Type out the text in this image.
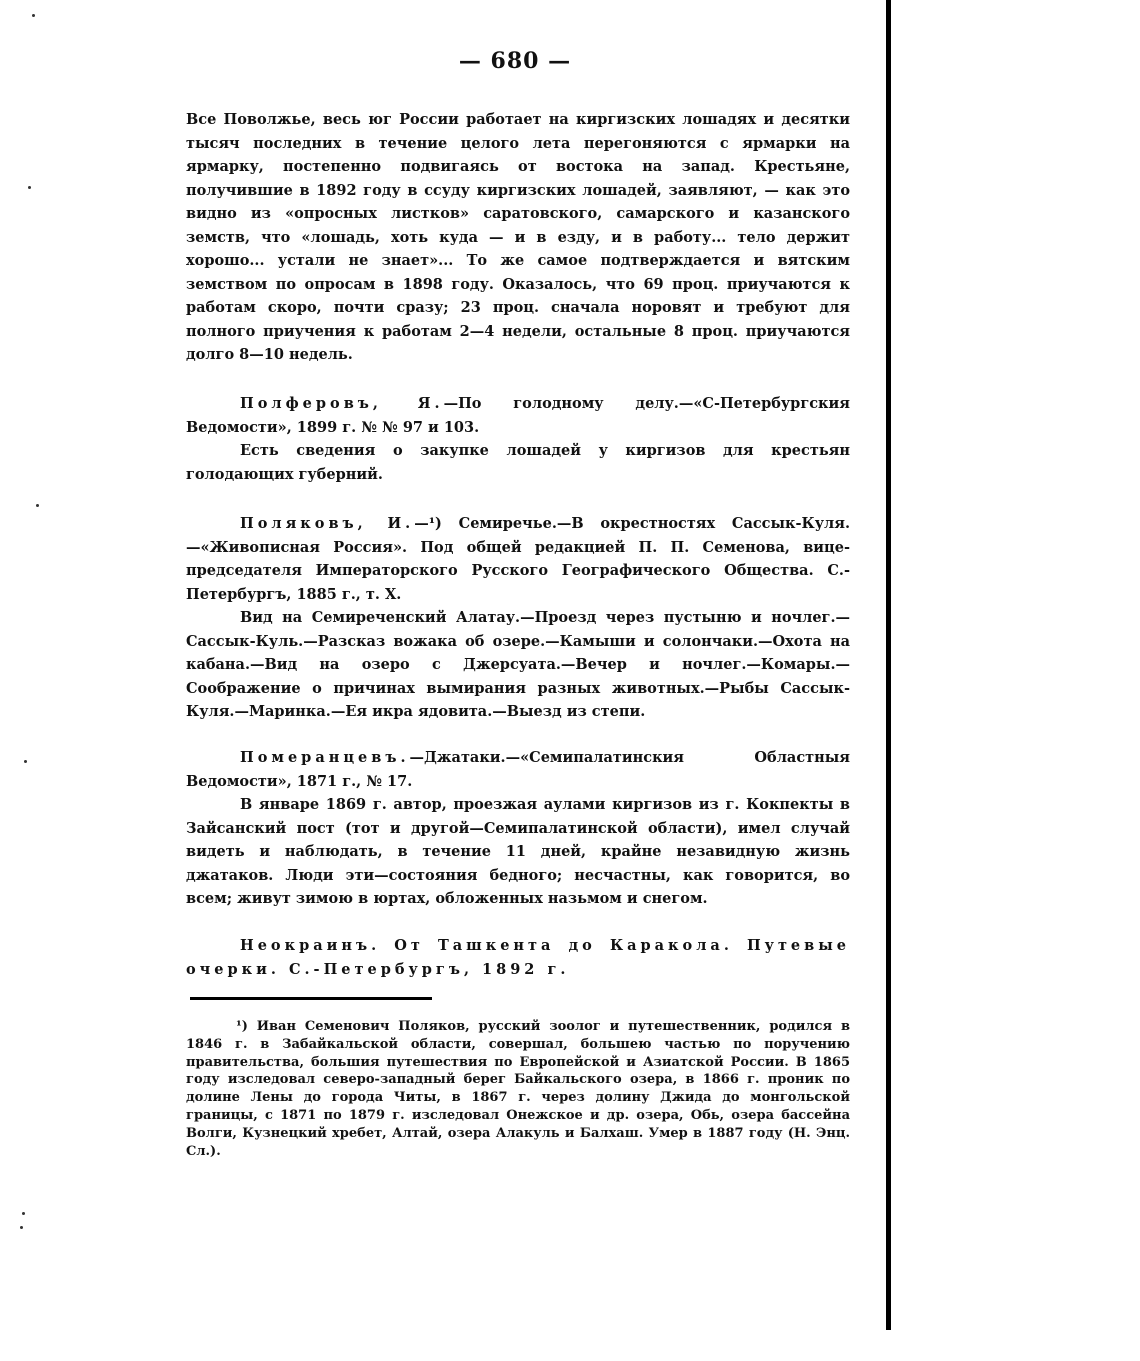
— 680 —

Все Поволжье, весь юг России работает на киргизских лошадях и десятки тысяч последних в течение целого лета перегоняются с ярмарки на ярмарку, постепенно подвигаясь от востока на запад. Крестьяне, получившие в 1892 году в ссуду киргизских лошадей, заявляют, — как это видно из «опросных листков» саратовского, самарского и казанского земств, что «лошадь, хоть куда — и в езду, и в работу... тело держит хорошо... устали не знает»... То же самое подтверждается и вятским земством по опросам в 1898 году. Оказалось, что 69 проц. приучаются к работам скоро, почти сразу; 23 проц. сначала норовят и требуют для полного приучения к работам 2—4 недели, остальные 8 проц. приучаются долго 8—10 недель.

Полферовъ, Я.—По голодному делу.—«С-Петербургския Ведомости», 1899 г. № № 97 и 103.

Есть сведения о закупке лошадей у киргизов для крестьян голодающих губерний.

Поляковъ, И.—¹) Семиречье.—В окрестностях Сассык-Куля.—«Живописная Россия». Под общей редакцией П. П. Семенова, вице-председателя Императорского Русского Географического Общества. С.-Петербургъ, 1885 г., т. X.

Вид на Семиреченский Алатау.—Проезд через пустыню и ночлег.—Сассык-Куль.—Разсказ вожака об озере.—Камыши и солончаки.—Охота на кабана.—Вид на озеро с Джерсуата.—Вечер и ночлег.—Комары.—Соображение о причинах вымирания разных животных.—Рыбы Сассык-Куля.—Маринка.—Ея икра ядовита.—Выезд из степи.

Померанцевъ.—Джатаки.—«Семипалатинския Областныя Ведомости», 1871 г., № 17.

В январе 1869 г. автор, проезжая аулами киргизов из г. Кокпекты в Зайсанский пост (тот и другой—Семипалатинской области), имел случай видеть и наблюдать, в течение 11 дней, крайне незавидную жизнь джатаков. Люди эти—состояния бедного; несчастны, как говорится, во всем; живут зимою в юртах, обложенных назьмом и снегом.

Неокраинъ. От Ташкента до Каракола. Путевые очерки. С.-Петербургъ, 1892 г.

¹) Иван Семенович Поляков, русский зоолог и путешественник, родился в 1846 г. в Забайкальской области, совершал, большею частью по поручению правительства, большия путешествия по Европейской и Азиатской России. В 1865 году изследовал северо-западный берег Байкальского озера, в 1866 г. проник по долине Лены до города Читы, в 1867 г. через долину Джида до монгольской границы, с 1871 по 1879 г. изследовал Онежское и др. озера, Обь, озера бассейна Волги, Кузнецкий хребет, Алтай, озера Алакуль и Балхаш. Умер в 1887 году (Н. Энц. Сл.).
